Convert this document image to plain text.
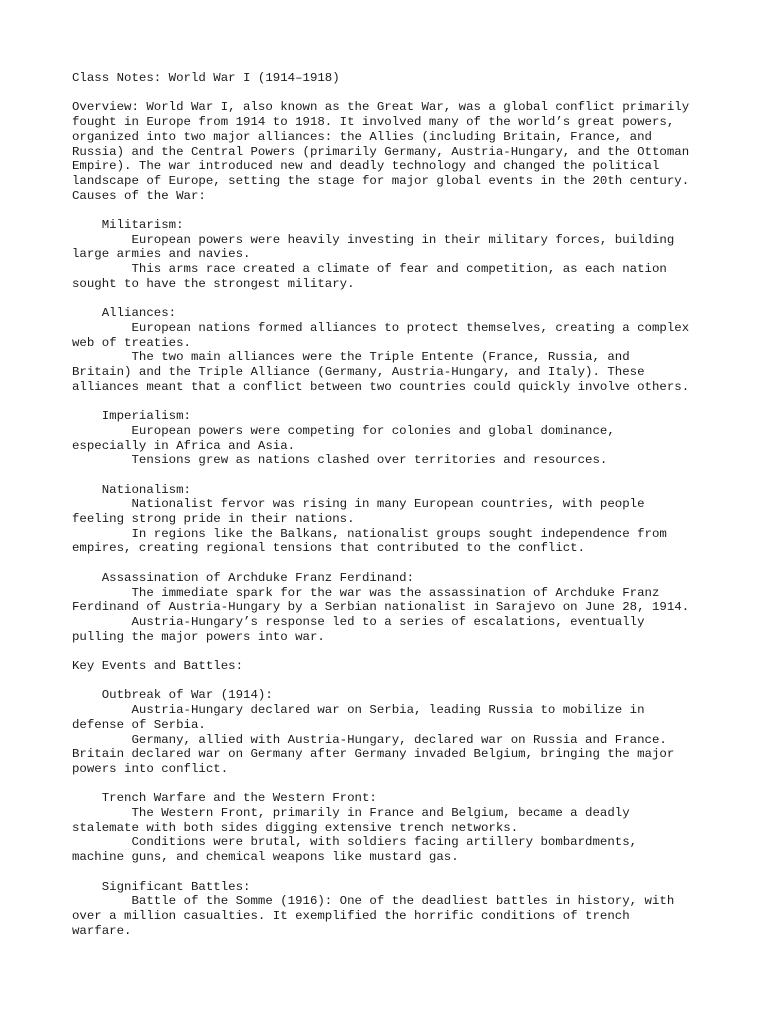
Class Notes: World War I (1914–1918)
Overview: World War I, also known as the Great War, was a global conflict primarily
fought in Europe from 1914 to 1918. It involved many of the world’s great powers,
organized into two major alliances: the Allies (including Britain, France, and
Russia) and the Central Powers (primarily Germany, Austria-Hungary, and the Ottoman
Empire). The war introduced new and deadly technology and changed the political
landscape of Europe, setting the stage for major global events in the 20th century.
Causes of the War:
Militarism:
European powers were heavily investing in their military forces, building
large armies and navies.
This arms race created a climate of fear and competition, as each nation
sought to have the strongest military.
Alliances:
European nations formed alliances to protect themselves, creating a complex
web of treaties.
The two main alliances were the Triple Entente (France, Russia, and
Britain) and the Triple Alliance (Germany, Austria-Hungary, and Italy). These
alliances meant that a conflict between two countries could quickly involve others.
Imperialism:
European powers were competing for colonies and global dominance,
especially in Africa and Asia.
Tensions grew as nations clashed over territories and resources.
Nationalism:
Nationalist fervor was rising in many European countries, with people
feeling strong pride in their nations.
In regions like the Balkans, nationalist groups sought independence from
empires, creating regional tensions that contributed to the conflict.
Assassination of Archduke Franz Ferdinand:
The immediate spark for the war was the assassination of Archduke Franz
Ferdinand of Austria-Hungary by a Serbian nationalist in Sarajevo on June 28, 1914.
Austria-Hungary’s response led to a series of escalations, eventually
pulling the major powers into war.
Key Events and Battles:
Outbreak of War (1914):
Austria-Hungary declared war on Serbia, leading Russia to mobilize in
defense of Serbia.
Germany, allied with Austria-Hungary, declared war on Russia and France.
Britain declared war on Germany after Germany invaded Belgium, bringing the major
powers into conflict.
Trench Warfare and the Western Front:
The Western Front, primarily in France and Belgium, became a deadly
stalemate with both sides digging extensive trench networks.
Conditions were brutal, with soldiers facing artillery bombardments,
machine guns, and chemical weapons like mustard gas.
Significant Battles:
Battle of the Somme (1916): One of the deadliest battles in history, with
over a million casualties. It exemplified the horrific conditions of trench
warfare.
